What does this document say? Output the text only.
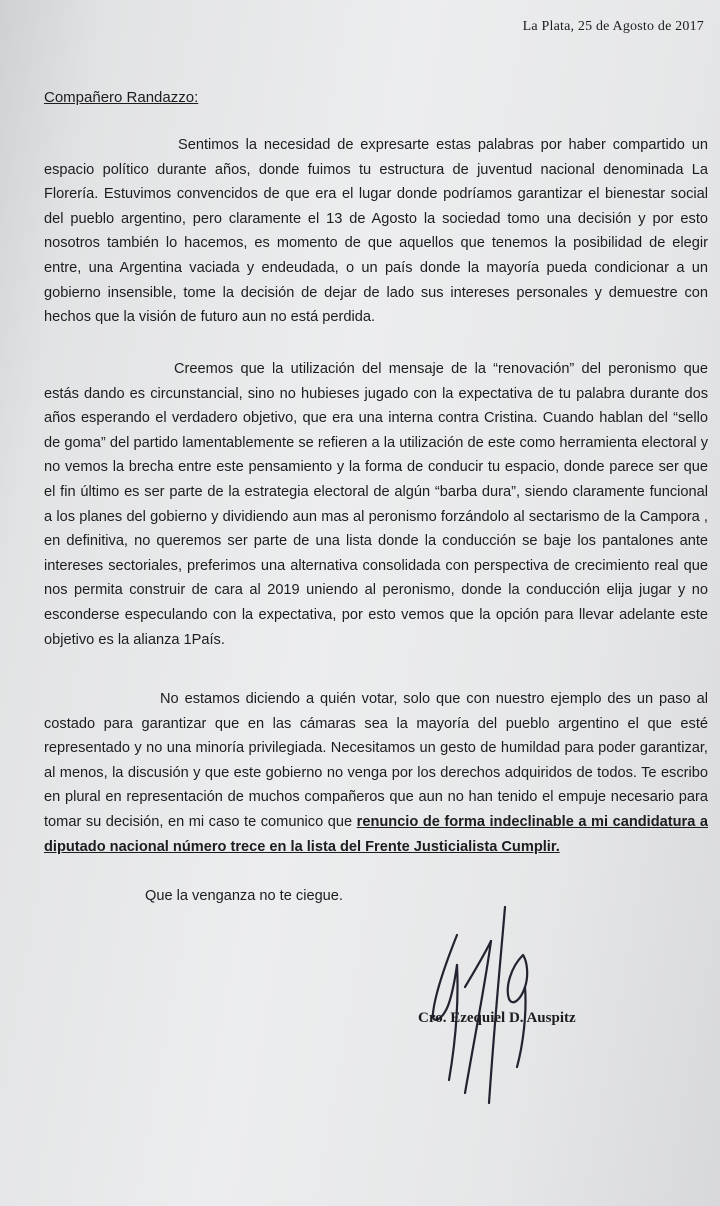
La Plata, 25 de Agosto de 2017
Compañero Randazzo:

Sentimos la necesidad de expresarte estas palabras por haber compartido un espacio político durante años, donde fuimos tu estructura de juventud nacional denominada La Florería. Estuvimos convencidos de que era el lugar donde podríamos garantizar el bienestar social del pueblo argentino, pero claramente el 13 de Agosto la sociedad tomo una decisión y por esto nosotros también lo hacemos, es momento de que aquellos que tenemos la posibilidad de elegir entre, una Argentina vaciada y endeudada, o un país donde la mayoría pueda condicionar a un gobierno insensible, tome la decisión de dejar de lado sus intereses personales y demuestre con hechos que la visión de futuro aun no está perdida.

Creemos que la utilización del mensaje de la “renovación” del peronismo que estás dando es circunstancial, sino no hubieses jugado con la expectativa de tu palabra durante dos años esperando el verdadero objetivo, que era una interna contra Cristina. Cuando hablan del “sello de goma” del partido lamentablemente se refieren a la utilización de este como herramienta electoral y no vemos la brecha entre este pensamiento y la forma de conducir tu espacio, donde parece ser que el fin último es ser parte de la estrategia electoral de algún “barba dura”, siendo claramente funcional a los planes del gobierno y dividiendo aun mas al peronismo forzándolo al sectarismo de la Campora , en definitiva, no queremos ser parte de una lista donde la conducción se baje los pantalones ante intereses sectoriales, preferimos una alternativa consolidada con perspectiva de crecimiento real que nos permita construir de cara al 2019 uniendo al peronismo, donde la conducción elija jugar y no esconderse especulando con la expectativa, por esto vemos que la opción para llevar adelante este objetivo es la alianza 1País.

No estamos diciendo a quién votar, solo que con nuestro ejemplo des un paso al costado para garantizar que en las cámaras sea la mayoría del pueblo argentino el que esté representado y no una minoría privilegiada. Necesitamos un gesto de humildad para poder garantizar, al menos, la discusión y que este gobierno no venga por los derechos adquiridos de todos. Te escribo en plural en representación de muchos compañeros que aun no han tenido el empuje necesario para tomar su decisión, en mi caso te comunico que renuncio de forma indeclinable a mi candidatura a diputado nacional número trece en la lista del Frente Justicialista Cumplir.

Que la venganza no te ciegue.
Cro. Ezequiel D. Auspitz
